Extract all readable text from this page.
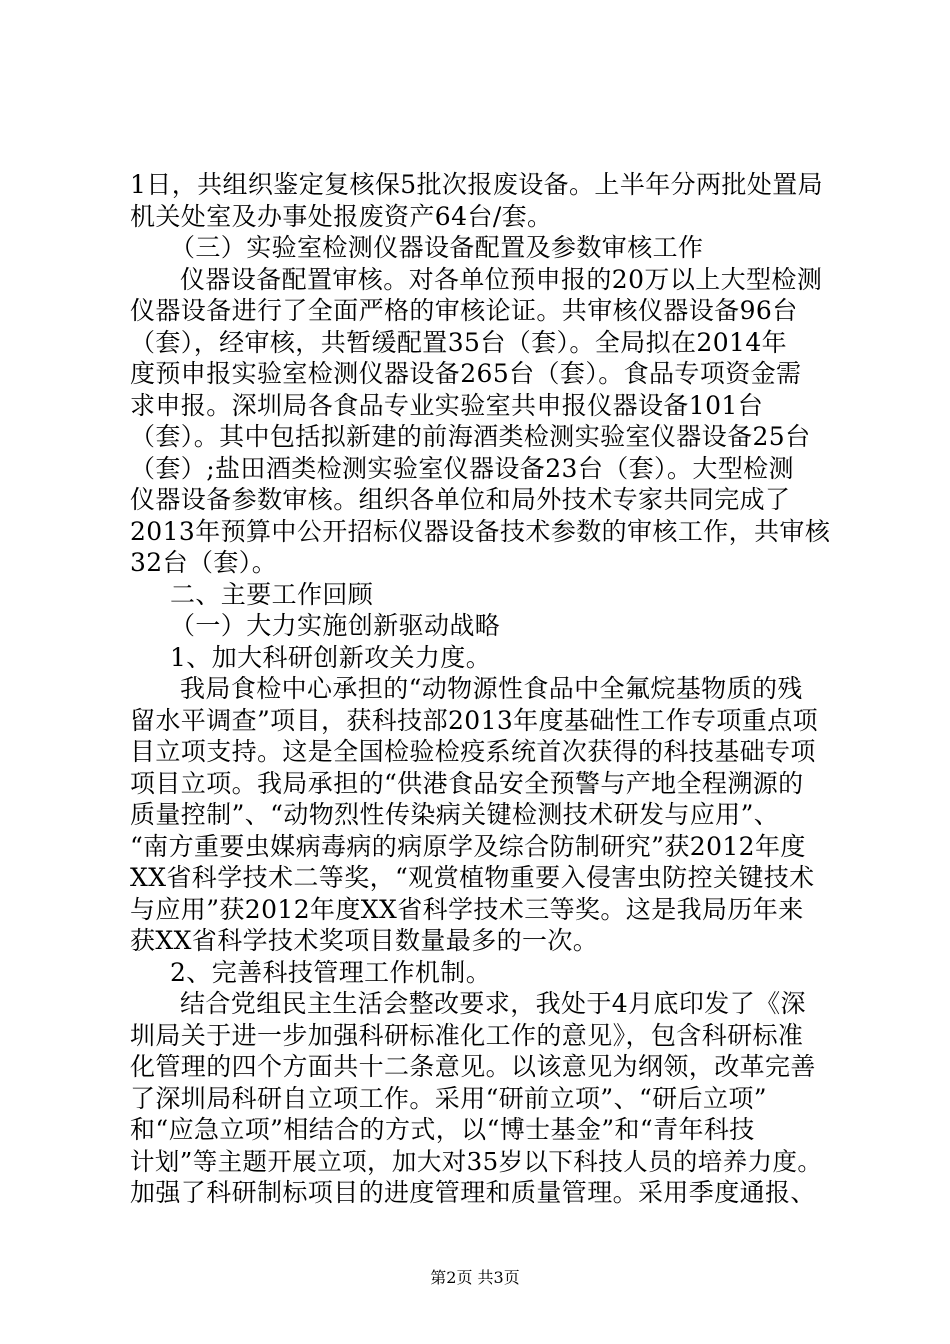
1日，共组织鉴定复核保5批次报废设备。上半年分两批处置局
机关处室及办事处报废资产64台/套。
（三）实验室检测仪器设备配置及参数审核工作
仪器设备配置审核。对各单位预申报的20万以上大型检测
仪器设备进行了全面严格的审核论证。共审核仪器设备96台
（套），经审核，共暂缓配置35台（套）。全局拟在2014年
度预申报实验室检测仪器设备265台（套）。食品专项资金需
求申报。深圳局各食品专业实验室共申报仪器设备101台
（套）。其中包括拟新建的前海酒类检测实验室仪器设备25台
（套）;盐田酒类检测实验室仪器设备23台（套）。大型检测
仪器设备参数审核。组织各单位和局外技术专家共同完成了
2013年预算中公开招标仪器设备技术参数的审核工作，共审核
32台（套）。
二、主要工作回顾
（一）大力实施创新驱动战略
1、加大科研创新攻关力度。
我局食检中心承担的“动物源性食品中全氟烷基物质的残
留水平调查”项目，获科技部2013年度基础性工作专项重点项
目立项支持。这是全国检验检疫系统首次获得的科技基础专项
项目立项。我局承担的“供港食品安全预警与产地全程溯源的
质量控制”、“动物烈性传染病关键检测技术研发与应用”、
“南方重要虫媒病毒病的病原学及综合防制研究”获2012年度
XX省科学技术二等奖，“观赏植物重要入侵害虫防控关键技术
与应用”获2012年度XX省科学技术三等奖。这是我局历年来
获XX省科学技术奖项目数量最多的一次。
2、完善科技管理工作机制。
结合党组民主生活会整改要求，我处于4月底印发了《深
圳局关于进一步加强科研标准化工作的意见》，包含科研标准
化管理的四个方面共十二条意见。以该意见为纲领，改革完善
了深圳局科研自立项工作。采用“研前立项”、“研后立项”
和“应急立项”相结合的方式，以“博士基金”和“青年科技
计划”等主题开展立项，加大对35岁以下科技人员的培养力度。
加强了科研制标项目的进度管理和质量管理。采用季度通报、
第2页 共3页
